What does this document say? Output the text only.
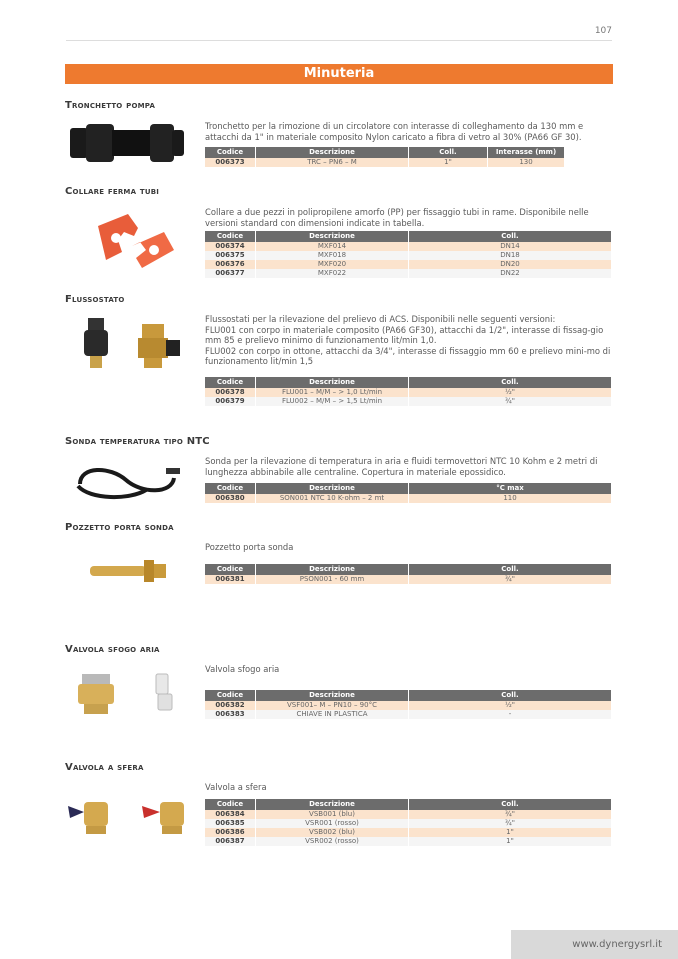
107
Minuteria
Tronchetto pompa
Tronchetto per la rimozione di un circolatore con interasse di colleghamento da 130 mm e attacchi da 1" in materiale composito Nylon caricato a fibra di vetro al 30% (PA66 GF 30).
Codice	Descrizione	Coll.	Interasse (mm)
006373	TRC – PN6 – M	1"	130
Collare ferma tubi
Collare a due pezzi in polipropilene amorfo (PP) per fissaggio tubi in rame. Disponibile nelle versioni standard con dimensioni indicate in tabella.
Codice	Descrizione	Coll.
006374	MXF014	DN14
006375	MXF018	DN18
006376	MXF020	DN20
006377	MXF022	DN22
Flussostato
Flussostati per la rilevazione del prelievo di ACS. Disponibili nelle seguenti versioni:
FLU001 con corpo in materiale composito (PA66 GF30), attacchi da 1/2", interasse di fissag-gio mm 85 e prelievo minimo di funzionamento lit/min 1,0.
FLU002 con corpo in ottone, attacchi da 3/4", interasse di fissaggio mm 60 e prelievo mini-mo di funzionamento lit/min 1,5
Codice	Descrizione	Coll.
006378	FLU001 – M/M – > 1,0 Lt/min	½"
006379	FLU002 – M/M – > 1,5 Lt/min	¾"
Sonda temperatura tipo NTC
Sonda per la rilevazione di temperatura in aria e fluidi termovettori NTC 10 Kohm e 2 metri di lunghezza abbinabile alle centraline. Copertura in materiale epossidico.
Codice	Descrizione	°C max
006380	SON001 NTC 10 K-ohm – 2 mt	110
Pozzetto porta sonda
Pozzetto porta sonda
Codice	Descrizione	Coll.
006381	PSON001 - 60 mm	¾"
Valvola sfogo aria
Valvola sfogo aria
Codice	Descrizione	Coll.
006382	VSF001– M – PN10 – 90°C	½"
006383	CHIAVE IN PLASTICA	-
Valvola a sfera
Valvola a sfera
Codice	Descrizione	Coll.
006384	VSB001 (blu)	¾"
006385	VSR001 (rosso)	¾"
006386	VSB002 (blu)	1"
006387	VSR002 (rosso)	1"
www.dynergysrl.it
